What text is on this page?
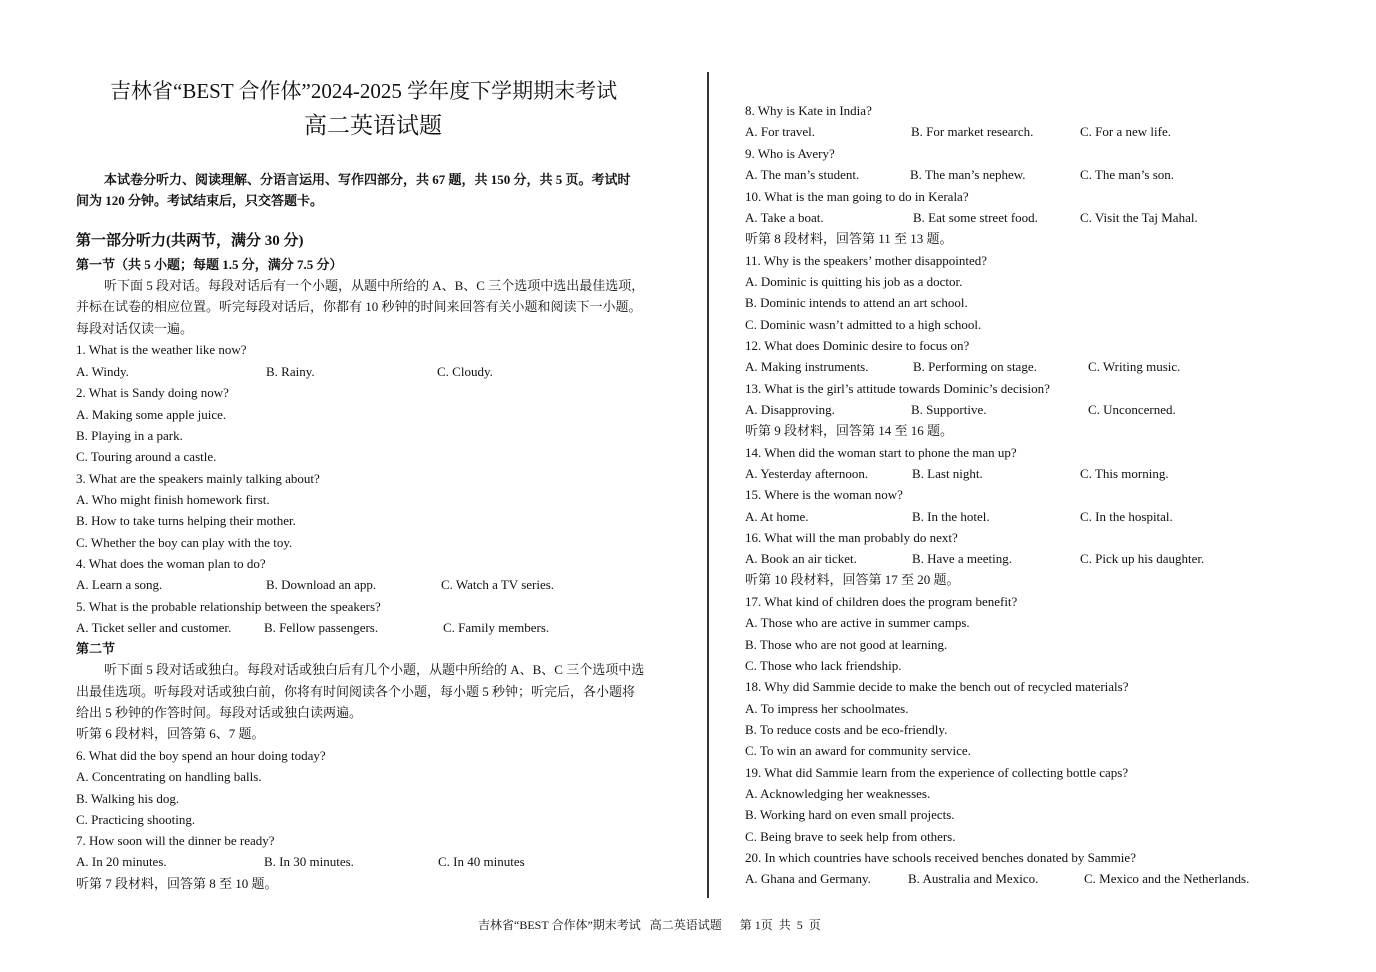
吉林省“BEST 合作体”2024-2025 学年度下学期期末考试
高二英语试题
本试卷分听力、阅读理解、分语言运用、写作四部分，共 67 题，共 150 分，共 5 页。考试时
间为 120 分钟。考试结束后，只交答题卡。
第一部分听力(共两节，满分 30 分)
第一节（共 5 小题；每题 1.5 分，满分 7.5 分）
听下面 5 段对话。每段对话后有一个小题，从题中所给的 A、B、C 三个选项中选出最佳选项，
并标在试卷的相应位置。听完每段对话后，你都有 10 秒钟的时间来回答有关小题和阅读下一小题。
每段对话仅读一遍。
1. What is the weather like now?
A. Windy.	B. Rainy.	C. Cloudy.
2. What is Sandy doing now?
A. Making some apple juice.
B. Playing in a park.
C. Touring around a castle.
3. What are the speakers mainly talking about?
A. Who might finish homework first.
B. How to take turns helping their mother.
C. Whether the boy can play with the toy.
4. What does the woman plan to do?
A. Learn a song.	B. Download an app.	C. Watch a TV series.
5. What is the probable relationship between the speakers?
A. Ticket seller and customer.	B. Fellow passengers.	C. Family members.
第二节
听下面 5 段对话或独白。每段对话或独白后有几个小题，从题中所给的 A、B、C 三个选项中选
出最佳选项。听每段对话或独白前，你将有时间阅读各个小题，每小题 5 秒钟；听完后，各小题将
给出 5 秒钟的作答时间。每段对话或独白读两遍。
听第 6 段材料，回答第 6、7 题。
6. What did the boy spend an hour doing today?
A. Concentrating on handling balls.
B. Walking his dog.
C. Practicing shooting.
7. How soon will the dinner be ready?
A. In 20 minutes.	B. In 30 minutes.	C. In 40 minutes
听第 7 段材料，回答第 8 至 10 题。
8. Why is Kate in India?
A. For travel.	B. For market research.	C. For a new life.
9. Who is Avery?
A. The man’s student.	B. The man’s nephew.	C. The man’s son.
10. What is the man going to do in Kerala?
A. Take a boat.	B. Eat some street food.	C. Visit the Taj Mahal.
听第 8 段材料，回答第 11 至 13 题。
11. Why is the speakers’ mother disappointed?
A. Dominic is quitting his job as a doctor.
B. Dominic intends to attend an art school.
C. Dominic wasn’t admitted to a high school.
12. What does Dominic desire to focus on?
A. Making instruments.	B. Performing on stage.	C. Writing music.
13. What is the girl’s attitude towards Dominic’s decision?
A. Disapproving.	B. Supportive.	C. Unconcerned.
听第 9 段材料，回答第 14 至 16 题。
14. When did the woman start to phone the man up?
A. Yesterday afternoon.	B. Last night.	C. This morning.
15. Where is the woman now?
A. At home.	B. In the hotel.	C. In the hospital.
16. What will the man probably do next?
A. Book an air ticket.	B. Have a meeting.	C. Pick up his daughter.
听第 10 段材料，回答第 17 至 20 题。
17. What kind of children does the program benefit?
A. Those who are active in summer camps.
B. Those who are not good at learning.
C. Those who lack friendship.
18. Why did Sammie decide to make the bench out of recycled materials?
A. To impress her schoolmates.
B. To reduce costs and be eco-friendly.
C. To win an award for community service.
19. What did Sammie learn from the experience of collecting bottle caps?
A. Acknowledging her weaknesses.
B. Working hard on even small projects.
C. Being brave to seek help from others.
20. In which countries have schools received benches donated by Sammie?
A. Ghana and Germany.	B. Australia and Mexico.	C. Mexico and the Netherlands.
吉林省“BEST 合作体”期末考试   高二英语试题      第 1页  共  5  页
